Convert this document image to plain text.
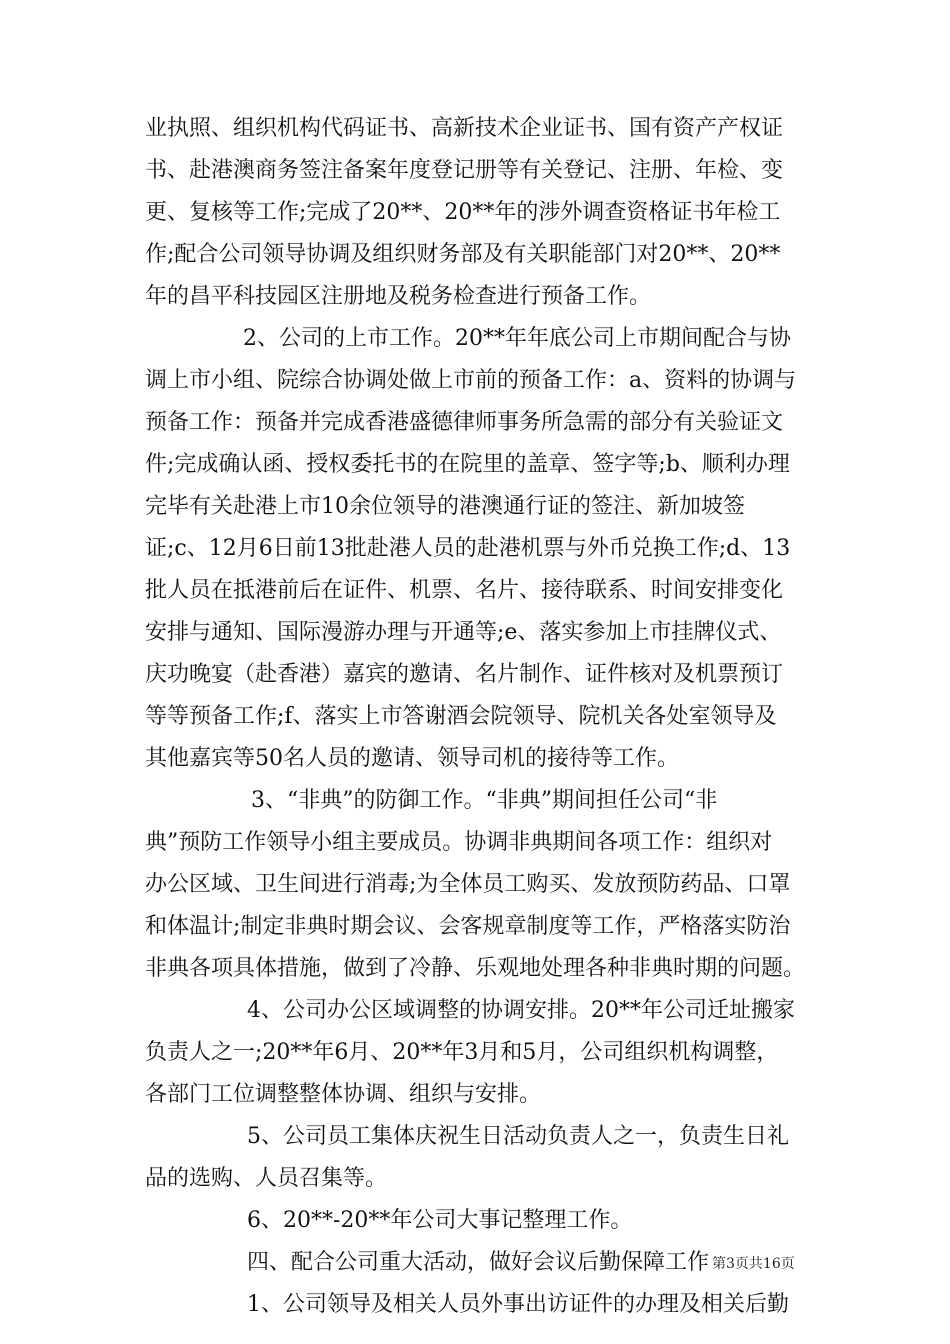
业执照、组织机构代码证书、高新技术企业证书、国有资产产权证
书、赴港澳商务签注备案年度登记册等有关登记、注册、年检、变
更、复核等工作;完成了20**、20**年的涉外调查资格证书年检工
作;配合公司领导协调及组织财务部及有关职能部门对20**、20**
年的昌平科技园区注册地及税务检查进行预备工作。
2、公司的上市工作。20**年年底公司上市期间配合与协
调上市小组、院综合协调处做上市前的预备工作：a、资料的协调与
预备工作：预备并完成香港盛德律师事务所急需的部分有关验证文
件;完成确认函、授权委托书的在院里的盖章、签字等;b、顺利办理
完毕有关赴港上市10余位领导的港澳通行证的签注、新加坡签
证;c、12月6日前13批赴港人员的赴港机票与外币兑换工作;d、13
批人员在抵港前后在证件、机票、名片、接待联系、时间安排变化
安排与通知、国际漫游办理与开通等;e、落实参加上市挂牌仪式、
庆功晚宴（赴香港）嘉宾的邀请、名片制作、证件核对及机票预订
等等预备工作;f、落实上市答谢酒会院领导、院机关各处室领导及
其他嘉宾等50名人员的邀请、领导司机的接待等工作。
3、“非典”的防御工作。“非典”期间担任公司“非
典”预防工作领导小组主要成员。协调非典期间各项工作：组织对
办公区域、卫生间进行消毒;为全体员工购买、发放预防药品、口罩
和体温计;制定非典时期会议、会客规章制度等工作，严格落实防治
非典各项具体措施，做到了冷静、乐观地处理各种非典时期的问题。
4、公司办公区域调整的协调安排。20**年公司迁址搬家
负责人之一;20**年6月、20**年3月和5月，公司组织机构调整，
各部门工位调整整体协调、组织与安排。
5、公司员工集体庆祝生日活动负责人之一，负责生日礼
品的选购、人员召集等。
6、20**-20**年公司大事记整理工作。
四、配合公司重大活动，做好会议后勤保障工作
1、公司领导及相关人员外事出访证件的办理及相关后勤
第3页共16页
